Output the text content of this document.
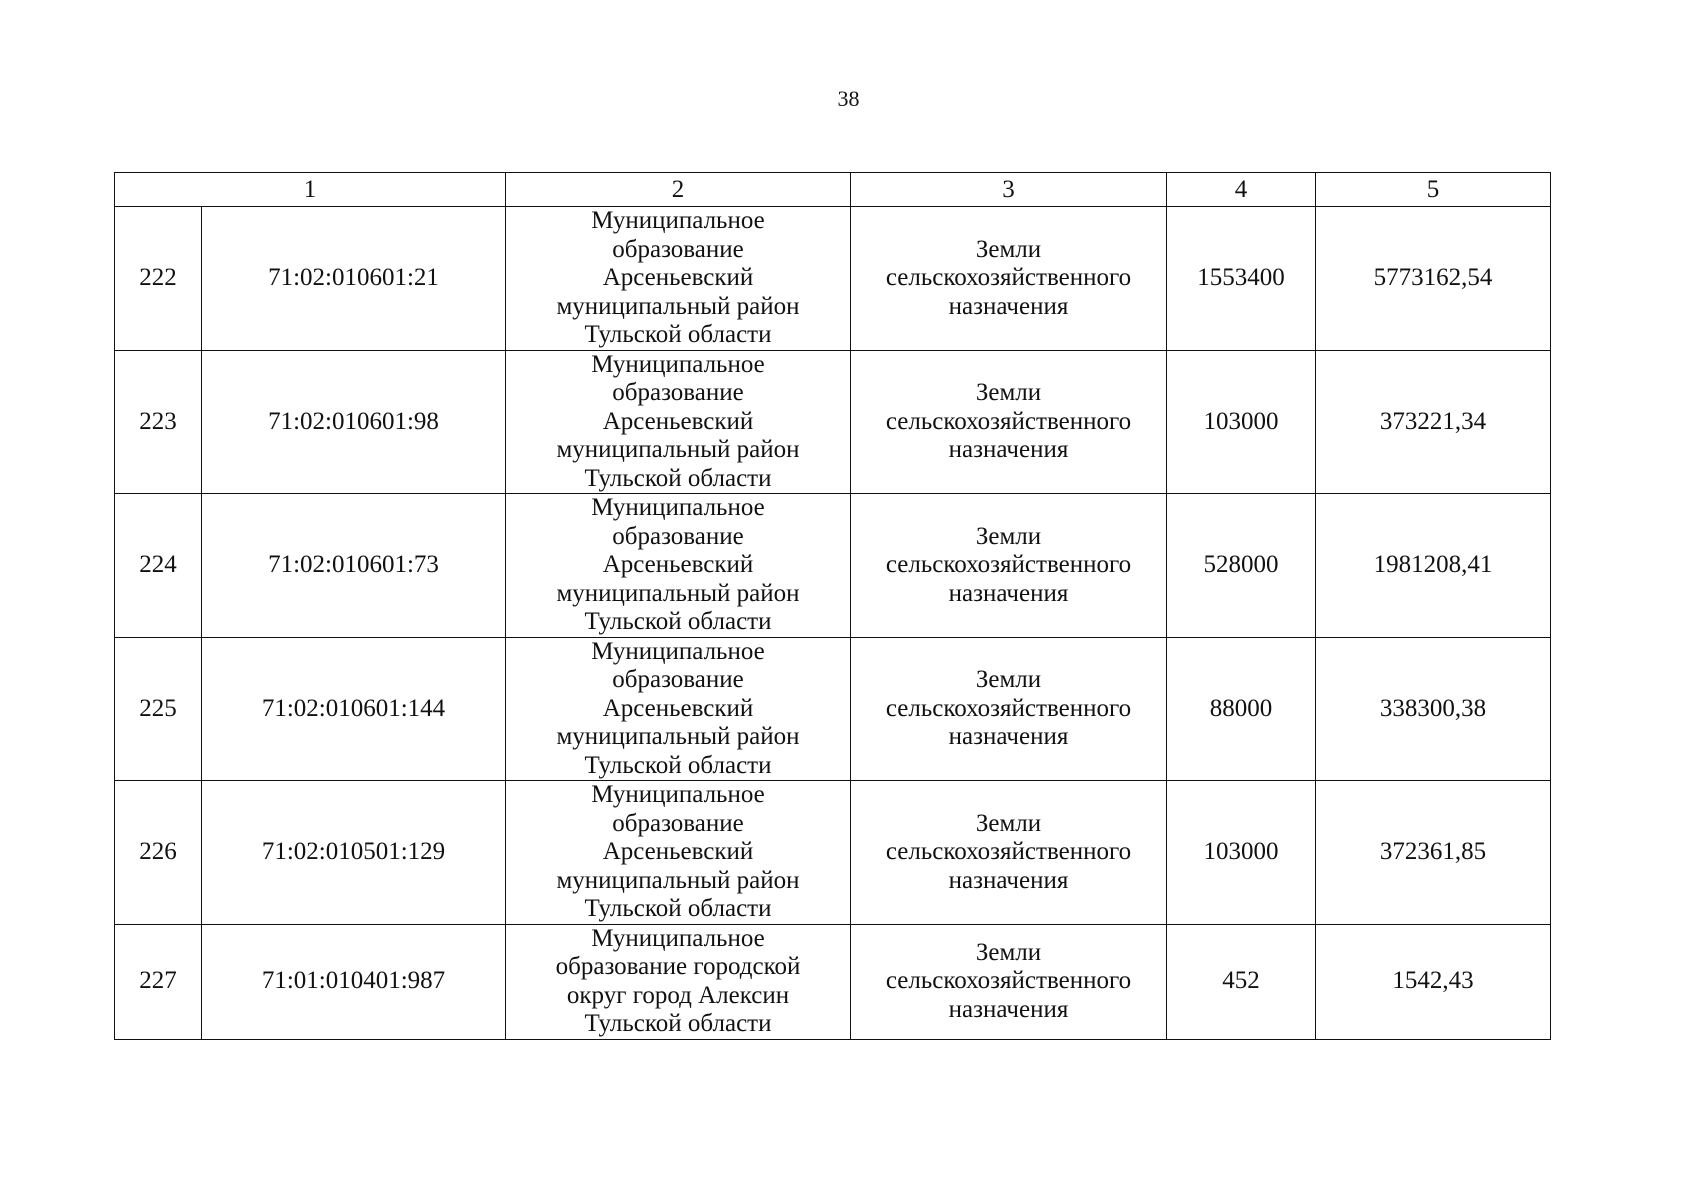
38
1		2	3	4	5
222	71:02:010601:21	Муниципальное
образование
Арсеньевский
муниципальный район
Тульской области	Земли
сельскохозяйственного
назначения	1553400	5773162,54
223	71:02:010601:98	Муниципальное
образование
Арсеньевский
муниципальный район
Тульской области	Земли
сельскохозяйственного
назначения	103000	373221,34
224	71:02:010601:73	Муниципальное
образование
Арсеньевский
муниципальный район
Тульской области	Земли
сельскохозяйственного
назначения	528000	1981208,41
225	71:02:010601:144	Муниципальное
образование
Арсеньевский
муниципальный район
Тульской области	Земли
сельскохозяйственного
назначения	88000	338300,38
226	71:02:010501:129	Муниципальное
образование
Арсеньевский
муниципальный район
Тульской области	Земли
сельскохозяйственного
назначения	103000	372361,85
227	71:01:010401:987	Муниципальное
образование городской
округ город Алексин
Тульской области	Земли
сельскохозяйственного
назначения	452	1542,43
